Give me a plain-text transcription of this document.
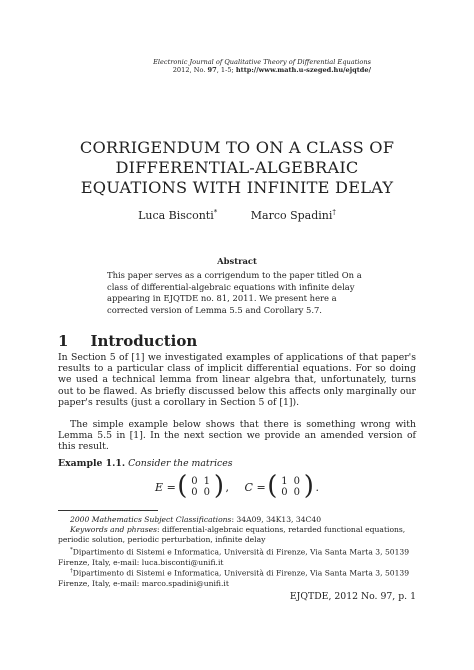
Electronic Journal of Qualitative Theory of Differential Equations
2012, No. 97, 1-5; http://www.math.u-szeged.hu/ejqtde/
CORRIGENDUM TO ON A CLASS OF
DIFFERENTIAL-ALGEBRAIC
EQUATIONS WITH INFINITE DELAY
Luca Bisconti*	Marco Spadini†
Abstract
This paper serves as a corrigendum to the paper titled On a class of differential-algebraic equations with infinite delay appearing in EJQTDE no. 81, 2011. We present here a corrected version of Lemma 5.5 and Corollary 5.7.
1 Introduction
In Section 5 of [1] we investigated examples of applications of that paper's results to a particular class of implicit differential equations. For so doing we used a technical lemma from linear algebra that, unfortunately, turns out to be flawed. As briefly discussed below this affects only marginally our paper's results (just a corollary in Section 5 of [1]).
The simple example below shows that there is something wrong with Lemma 5.5 in [1]. In the next section we provide an amended version of this result.
Example 1.1. Consider the matrices
E = ( 0	1
0	0 ) , C = ( 1	0
0	0 ) .
2000 Mathematics Subject Classifications: 34A09, 34K13, 34C40
Keywords and phrases: differential-algebraic equations, retarded functional equations, periodic solution, periodic perturbation, infinite delay
*Dipartimento di Sistemi e Informatica, Università di Firenze, Via Santa Marta 3, 50139 Firenze, Italy, e-mail: luca.bisconti@unifi.it
†Dipartimento di Sistemi e Informatica, Università di Firenze, Via Santa Marta 3, 50139 Firenze, Italy, e-mail: marco.spadini@unifi.it
EJQTDE, 2012 No. 97, p. 1
